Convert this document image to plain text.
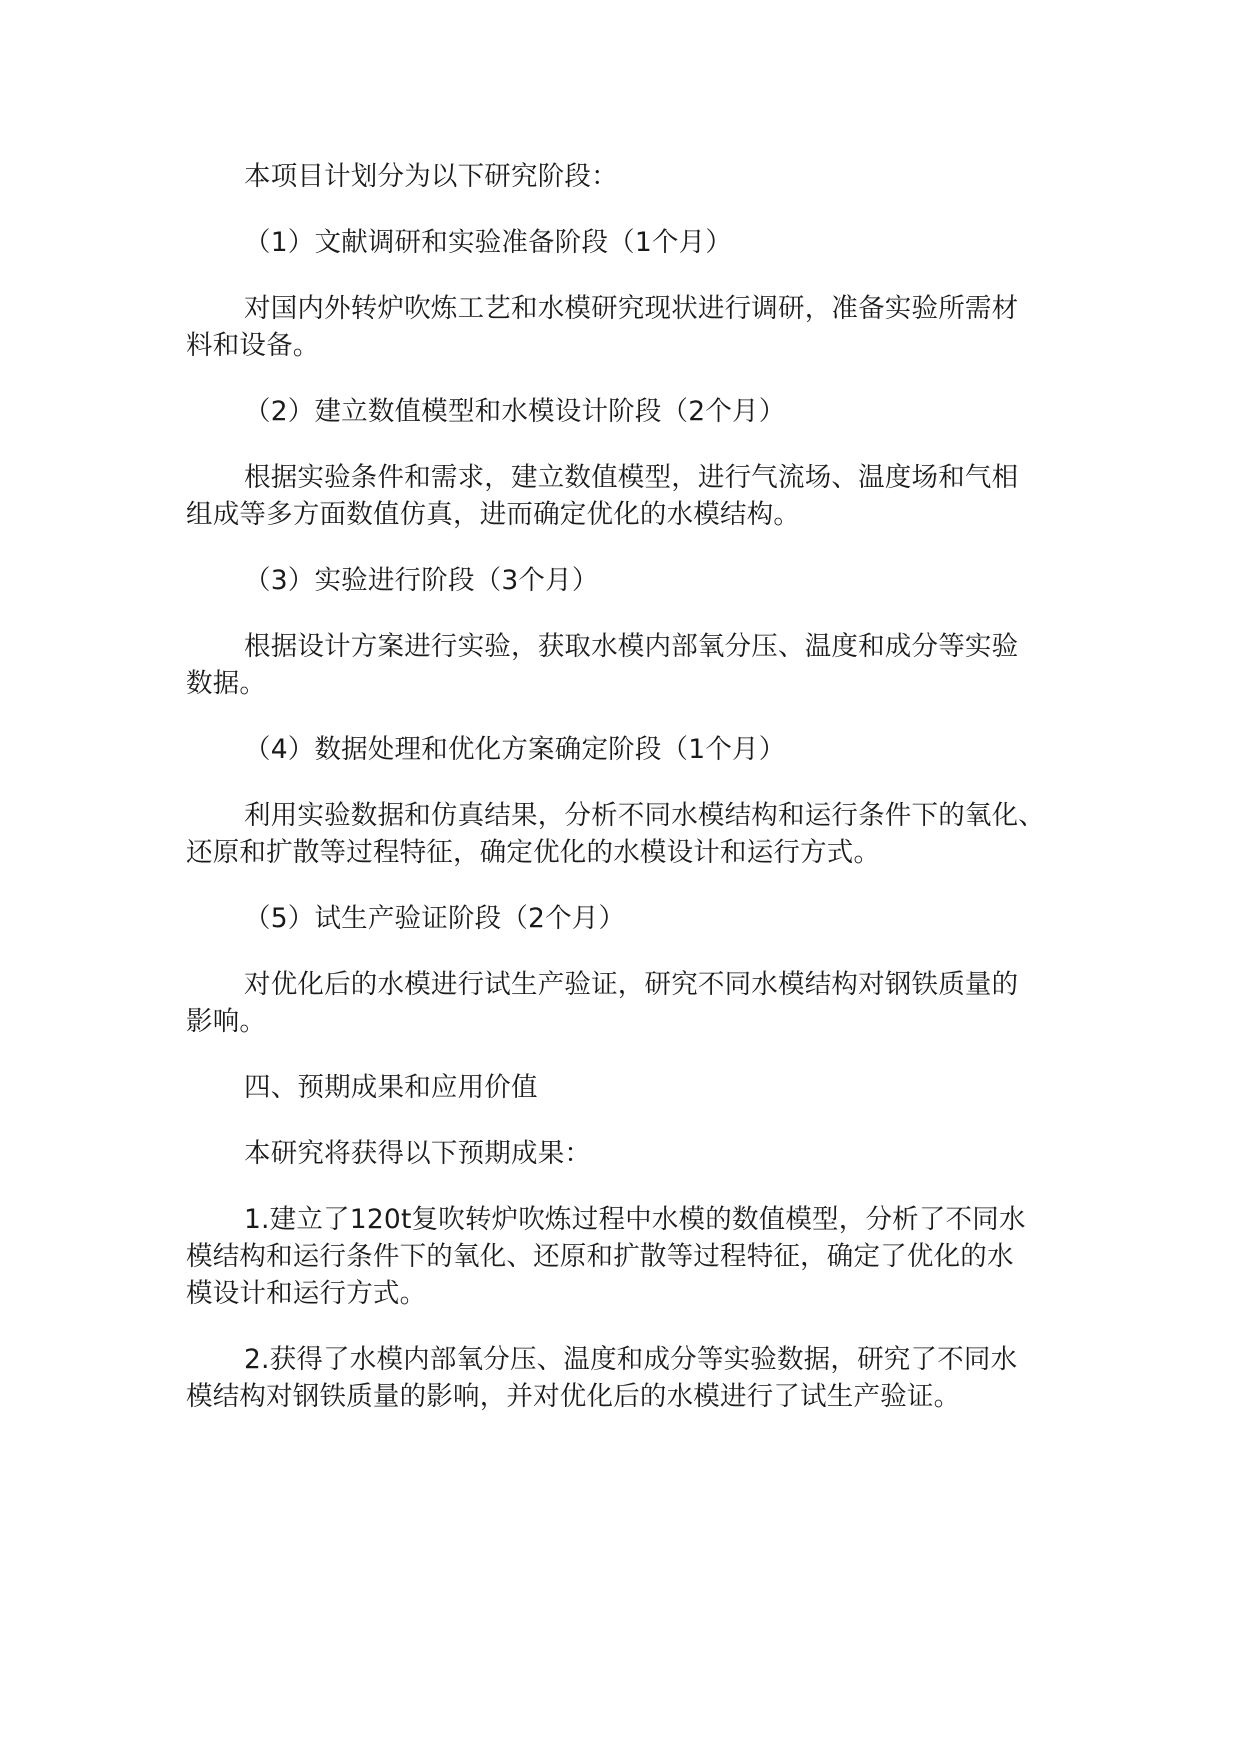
本项目计划分为以下研究阶段：

（1）文献调研和实验准备阶段（1个月）

对国内外转炉吹炼工艺和水模研究现状进行调研，准备实验所需材
料和设备。

（2）建立数值模型和水模设计阶段（2个月）

根据实验条件和需求，建立数值模型，进行气流场、温度场和气相
组成等多方面数值仿真，进而确定优化的水模结构。

（3）实验进行阶段（3个月）

根据设计方案进行实验，获取水模内部氧分压、温度和成分等实验
数据。

（4）数据处理和优化方案确定阶段（1个月）

利用实验数据和仿真结果，分析不同水模结构和运行条件下的氧化、
还原和扩散等过程特征，确定优化的水模设计和运行方式。

（5）试生产验证阶段（2个月）

对优化后的水模进行试生产验证，研究不同水模结构对钢铁质量的
影响。

四、预期成果和应用价值

本研究将获得以下预期成果：

1.建立了120t复吹转炉吹炼过程中水模的数值模型，分析了不同水
模结构和运行条件下的氧化、还原和扩散等过程特征，确定了优化的水
模设计和运行方式。
2.获得了水模内部氧分压、温度和成分等实验数据，研究了不同水
模结构对钢铁质量的影响，并对优化后的水模进行了试生产验证。
